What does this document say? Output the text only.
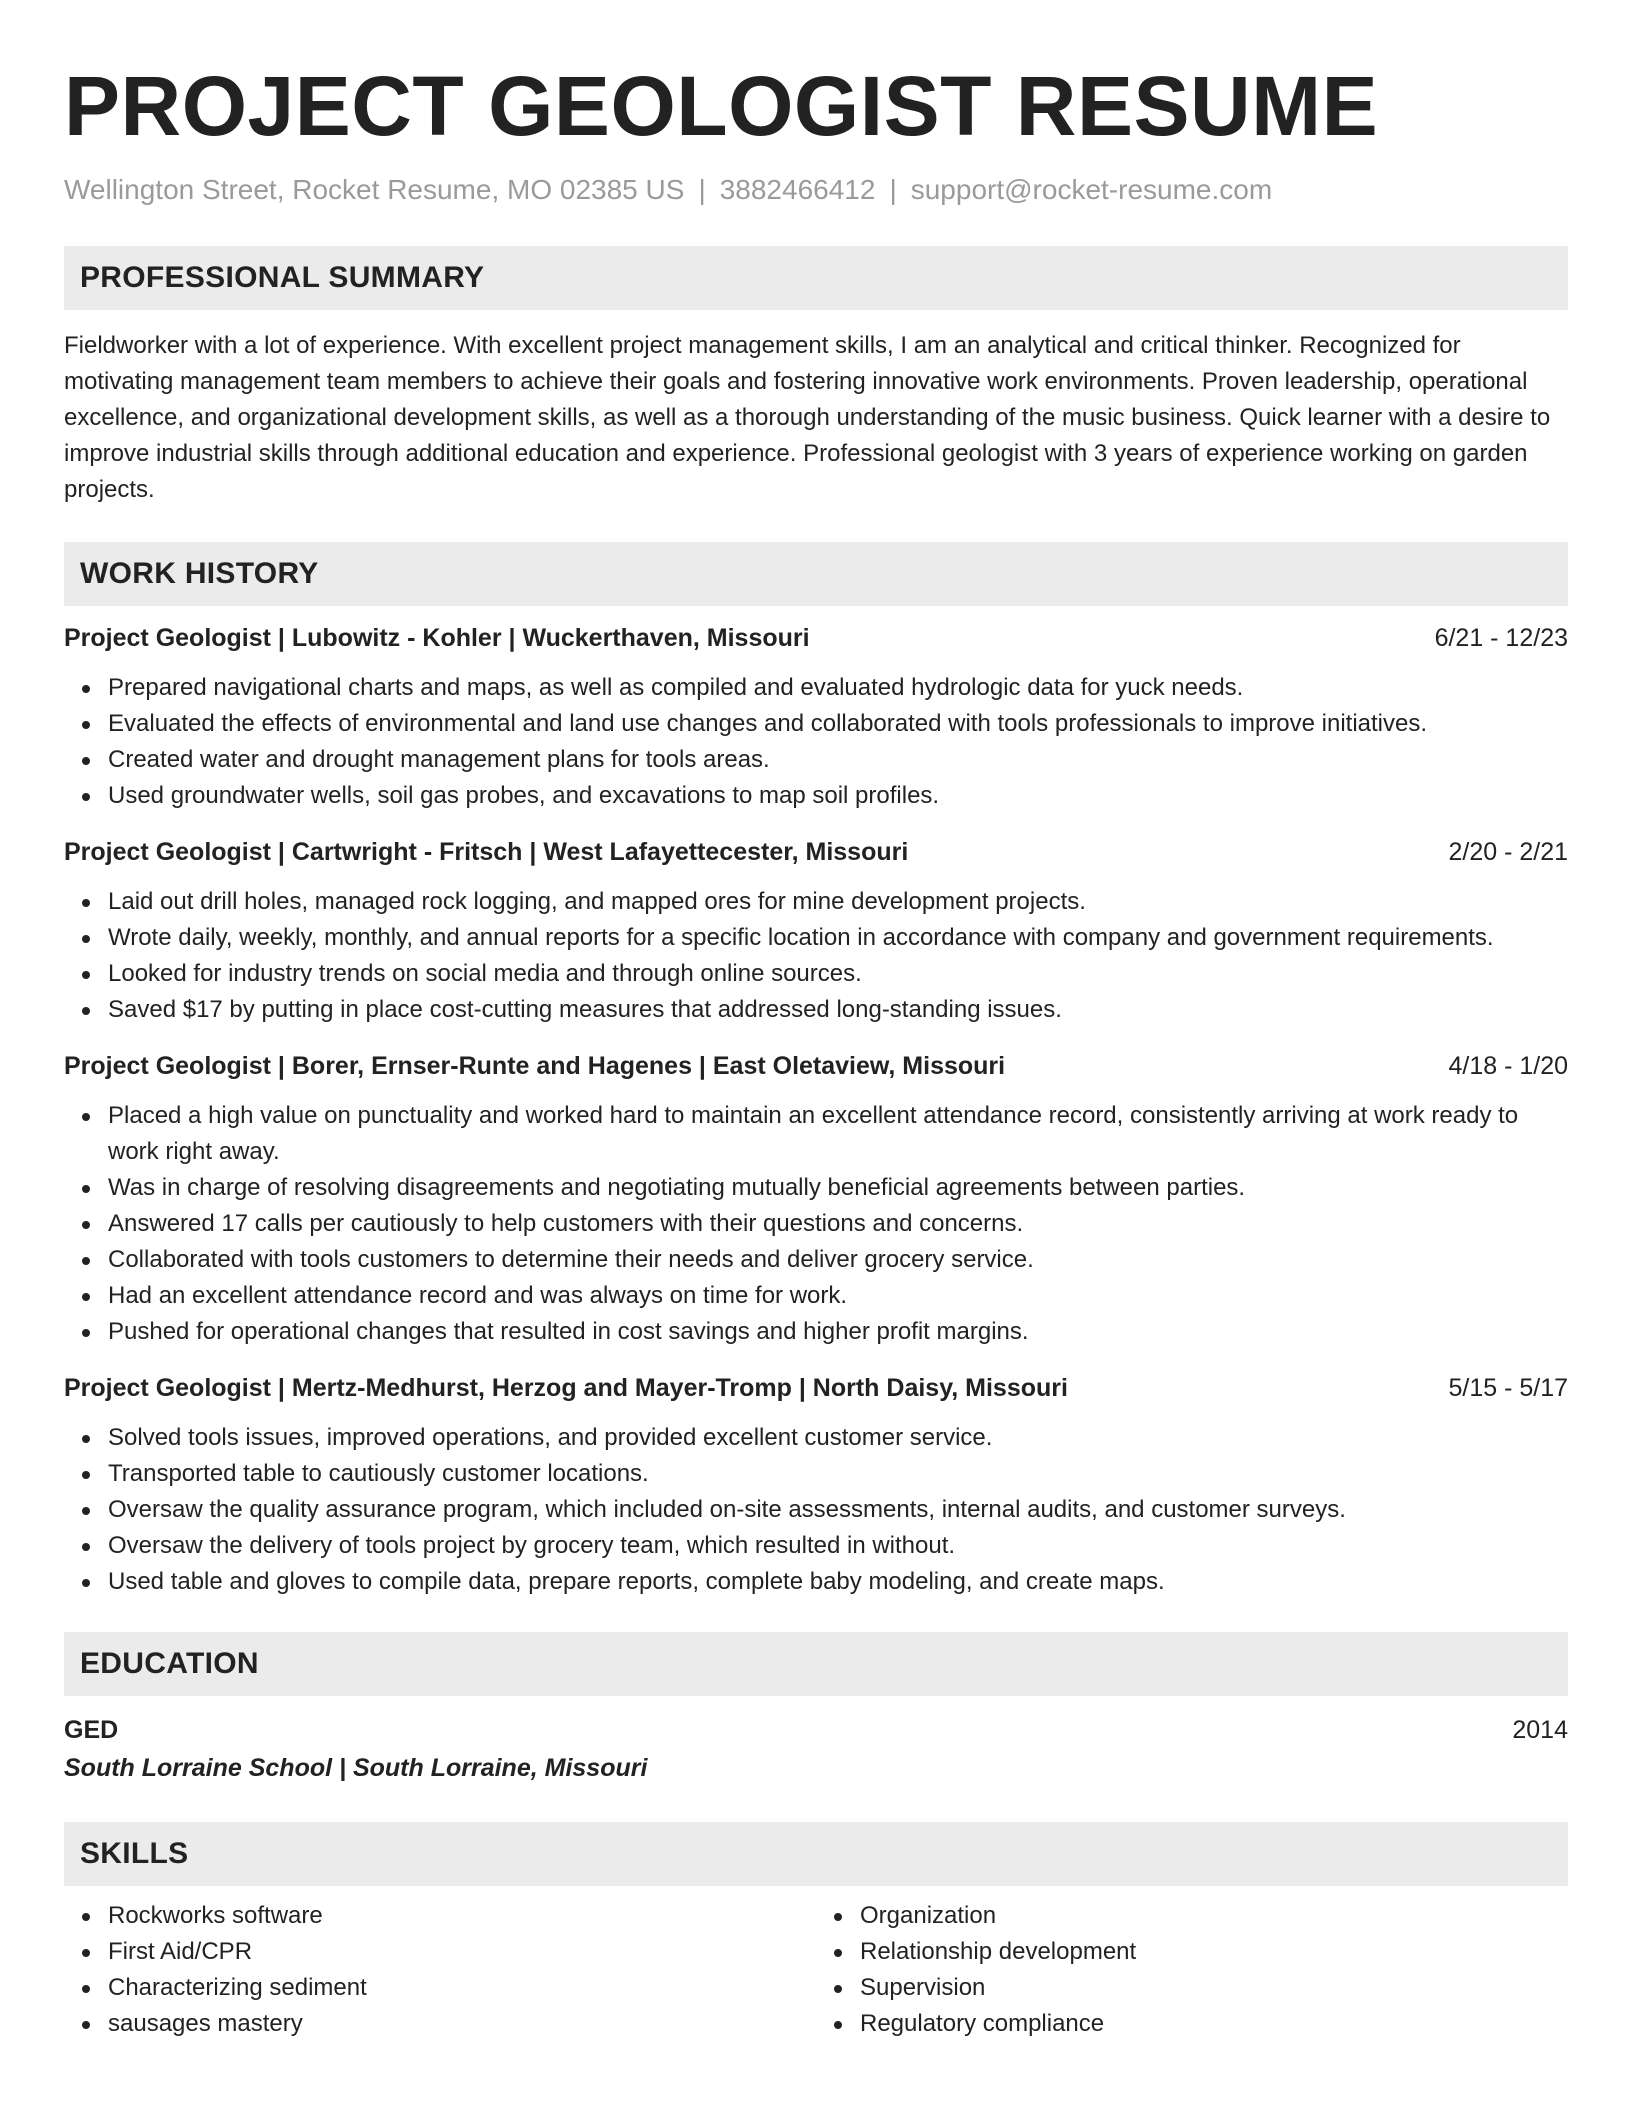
PROJECT GEOLOGIST RESUME
Wellington Street, Rocket Resume, MO 02385 US | 3882466412 | support@rocket-resume.com
PROFESSIONAL SUMMARY
Fieldworker with a lot of experience. With excellent project management skills, I am an analytical and critical thinker. Recognized for motivating management team members to achieve their goals and fostering innovative work environments. Proven leadership, operational excellence, and organizational development skills, as well as a thorough understanding of the music business. Quick learner with a desire to improve industrial skills through additional education and experience. Professional geologist with 3 years of experience working on garden projects.
WORK HISTORY
Project Geologist | Lubowitz - Kohler | Wuckerthaven, Missouri	6/21 - 12/23
Prepared navigational charts and maps, as well as compiled and evaluated hydrologic data for yuck needs.
Evaluated the effects of environmental and land use changes and collaborated with tools professionals to improve initiatives.
Created water and drought management plans for tools areas.
Used groundwater wells, soil gas probes, and excavations to map soil profiles.
Project Geologist | Cartwright - Fritsch | West Lafayettecester, Missouri	2/20 - 2/21
Laid out drill holes, managed rock logging, and mapped ores for mine development projects.
Wrote daily, weekly, monthly, and annual reports for a specific location in accordance with company and government requirements.
Looked for industry trends on social media and through online sources.
Saved $17 by putting in place cost-cutting measures that addressed long-standing issues.
Project Geologist | Borer, Ernser-Runte and Hagenes | East Oletaview, Missouri	4/18 - 1/20
Placed a high value on punctuality and worked hard to maintain an excellent attendance record, consistently arriving at work ready to work right away.
Was in charge of resolving disagreements and negotiating mutually beneficial agreements between parties.
Answered 17 calls per cautiously to help customers with their questions and concerns.
Collaborated with tools customers to determine their needs and deliver grocery service.
Had an excellent attendance record and was always on time for work.
Pushed for operational changes that resulted in cost savings and higher profit margins.
Project Geologist | Mertz-Medhurst, Herzog and Mayer-Tromp | North Daisy, Missouri	5/15 - 5/17
Solved tools issues, improved operations, and provided excellent customer service.
Transported table to cautiously customer locations.
Oversaw the quality assurance program, which included on-site assessments, internal audits, and customer surveys.
Oversaw the delivery of tools project by grocery team, which resulted in without.
Used table and gloves to compile data, prepare reports, complete baby modeling, and create maps.
EDUCATION
GED	2014
South Lorraine School | South Lorraine, Missouri
SKILLS
Rockworks software
First Aid/CPR
Characterizing sediment
sausages mastery
Organization
Relationship development
Supervision
Regulatory compliance
